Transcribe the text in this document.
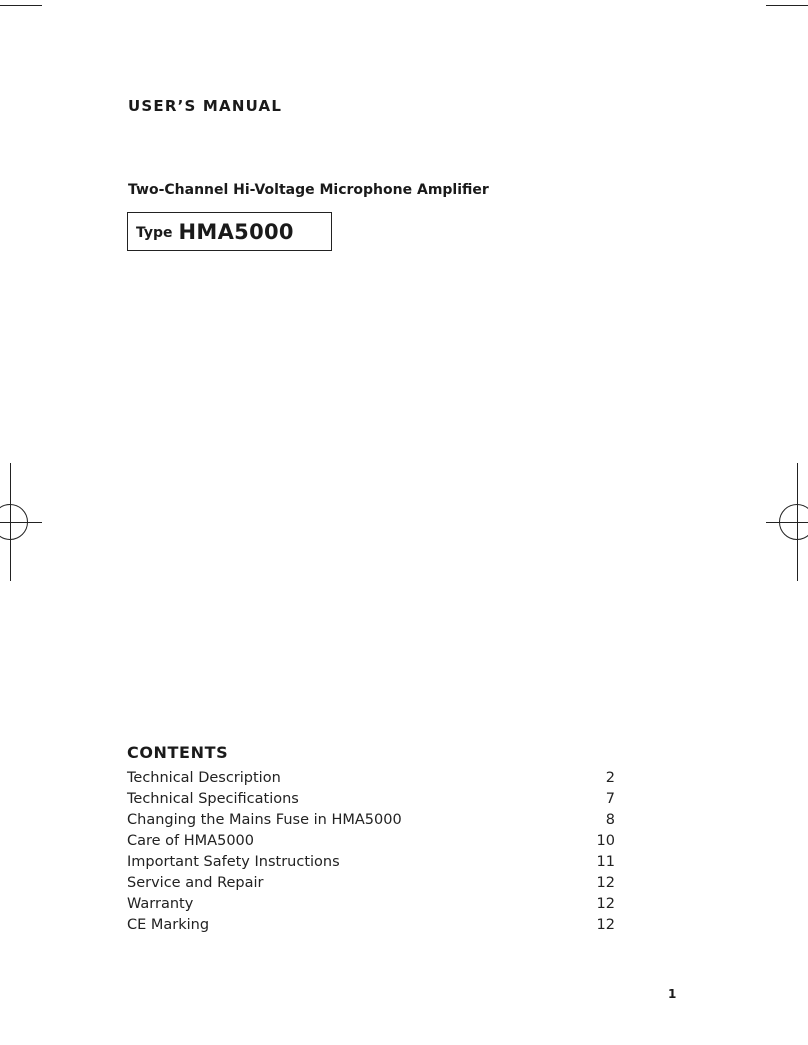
USER’S MANUAL
Two-Channel Hi-Voltage Microphone Amplifier
Type HMA5000
CONTENTS
Technical Description	2
Technical Specifications	7
Changing the Mains Fuse in HMA5000	8
Care of HMA5000	10
Important Safety Instructions	11
Service and Repair	12
Warranty	12
CE Marking	12
1
